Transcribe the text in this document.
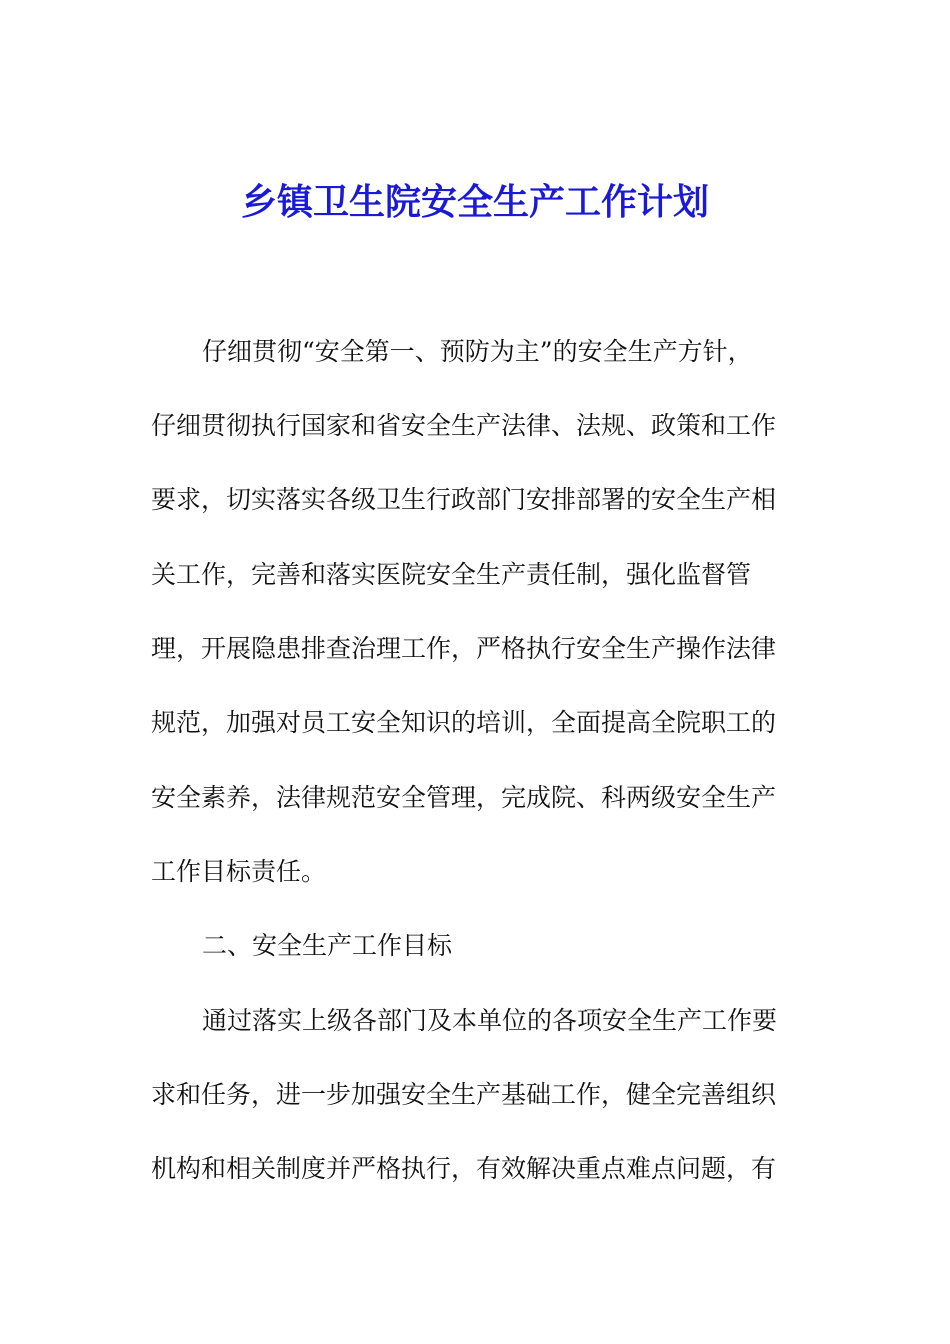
乡镇卫生院安全生产工作计划
仔细贯彻“安全第一、预防为主”的安全生产方针，
仔细贯彻执行国家和省安全生产法律、法规、政策和工作
要求，切实落实各级卫生行政部门安排部署的安全生产相
关工作，完善和落实医院安全生产责任制，强化监督管
理，开展隐患排查治理工作，严格执行安全生产操作法律
规范，加强对员工安全知识的培训，全面提高全院职工的
安全素养，法律规范安全管理，完成院、科两级安全生产
工作目标责任。
二、安全生产工作目标
通过落实上级各部门及本单位的各项安全生产工作要
求和任务，进一步加强安全生产基础工作，健全完善组织
机构和相关制度并严格执行，有效解决重点难点问题，有
